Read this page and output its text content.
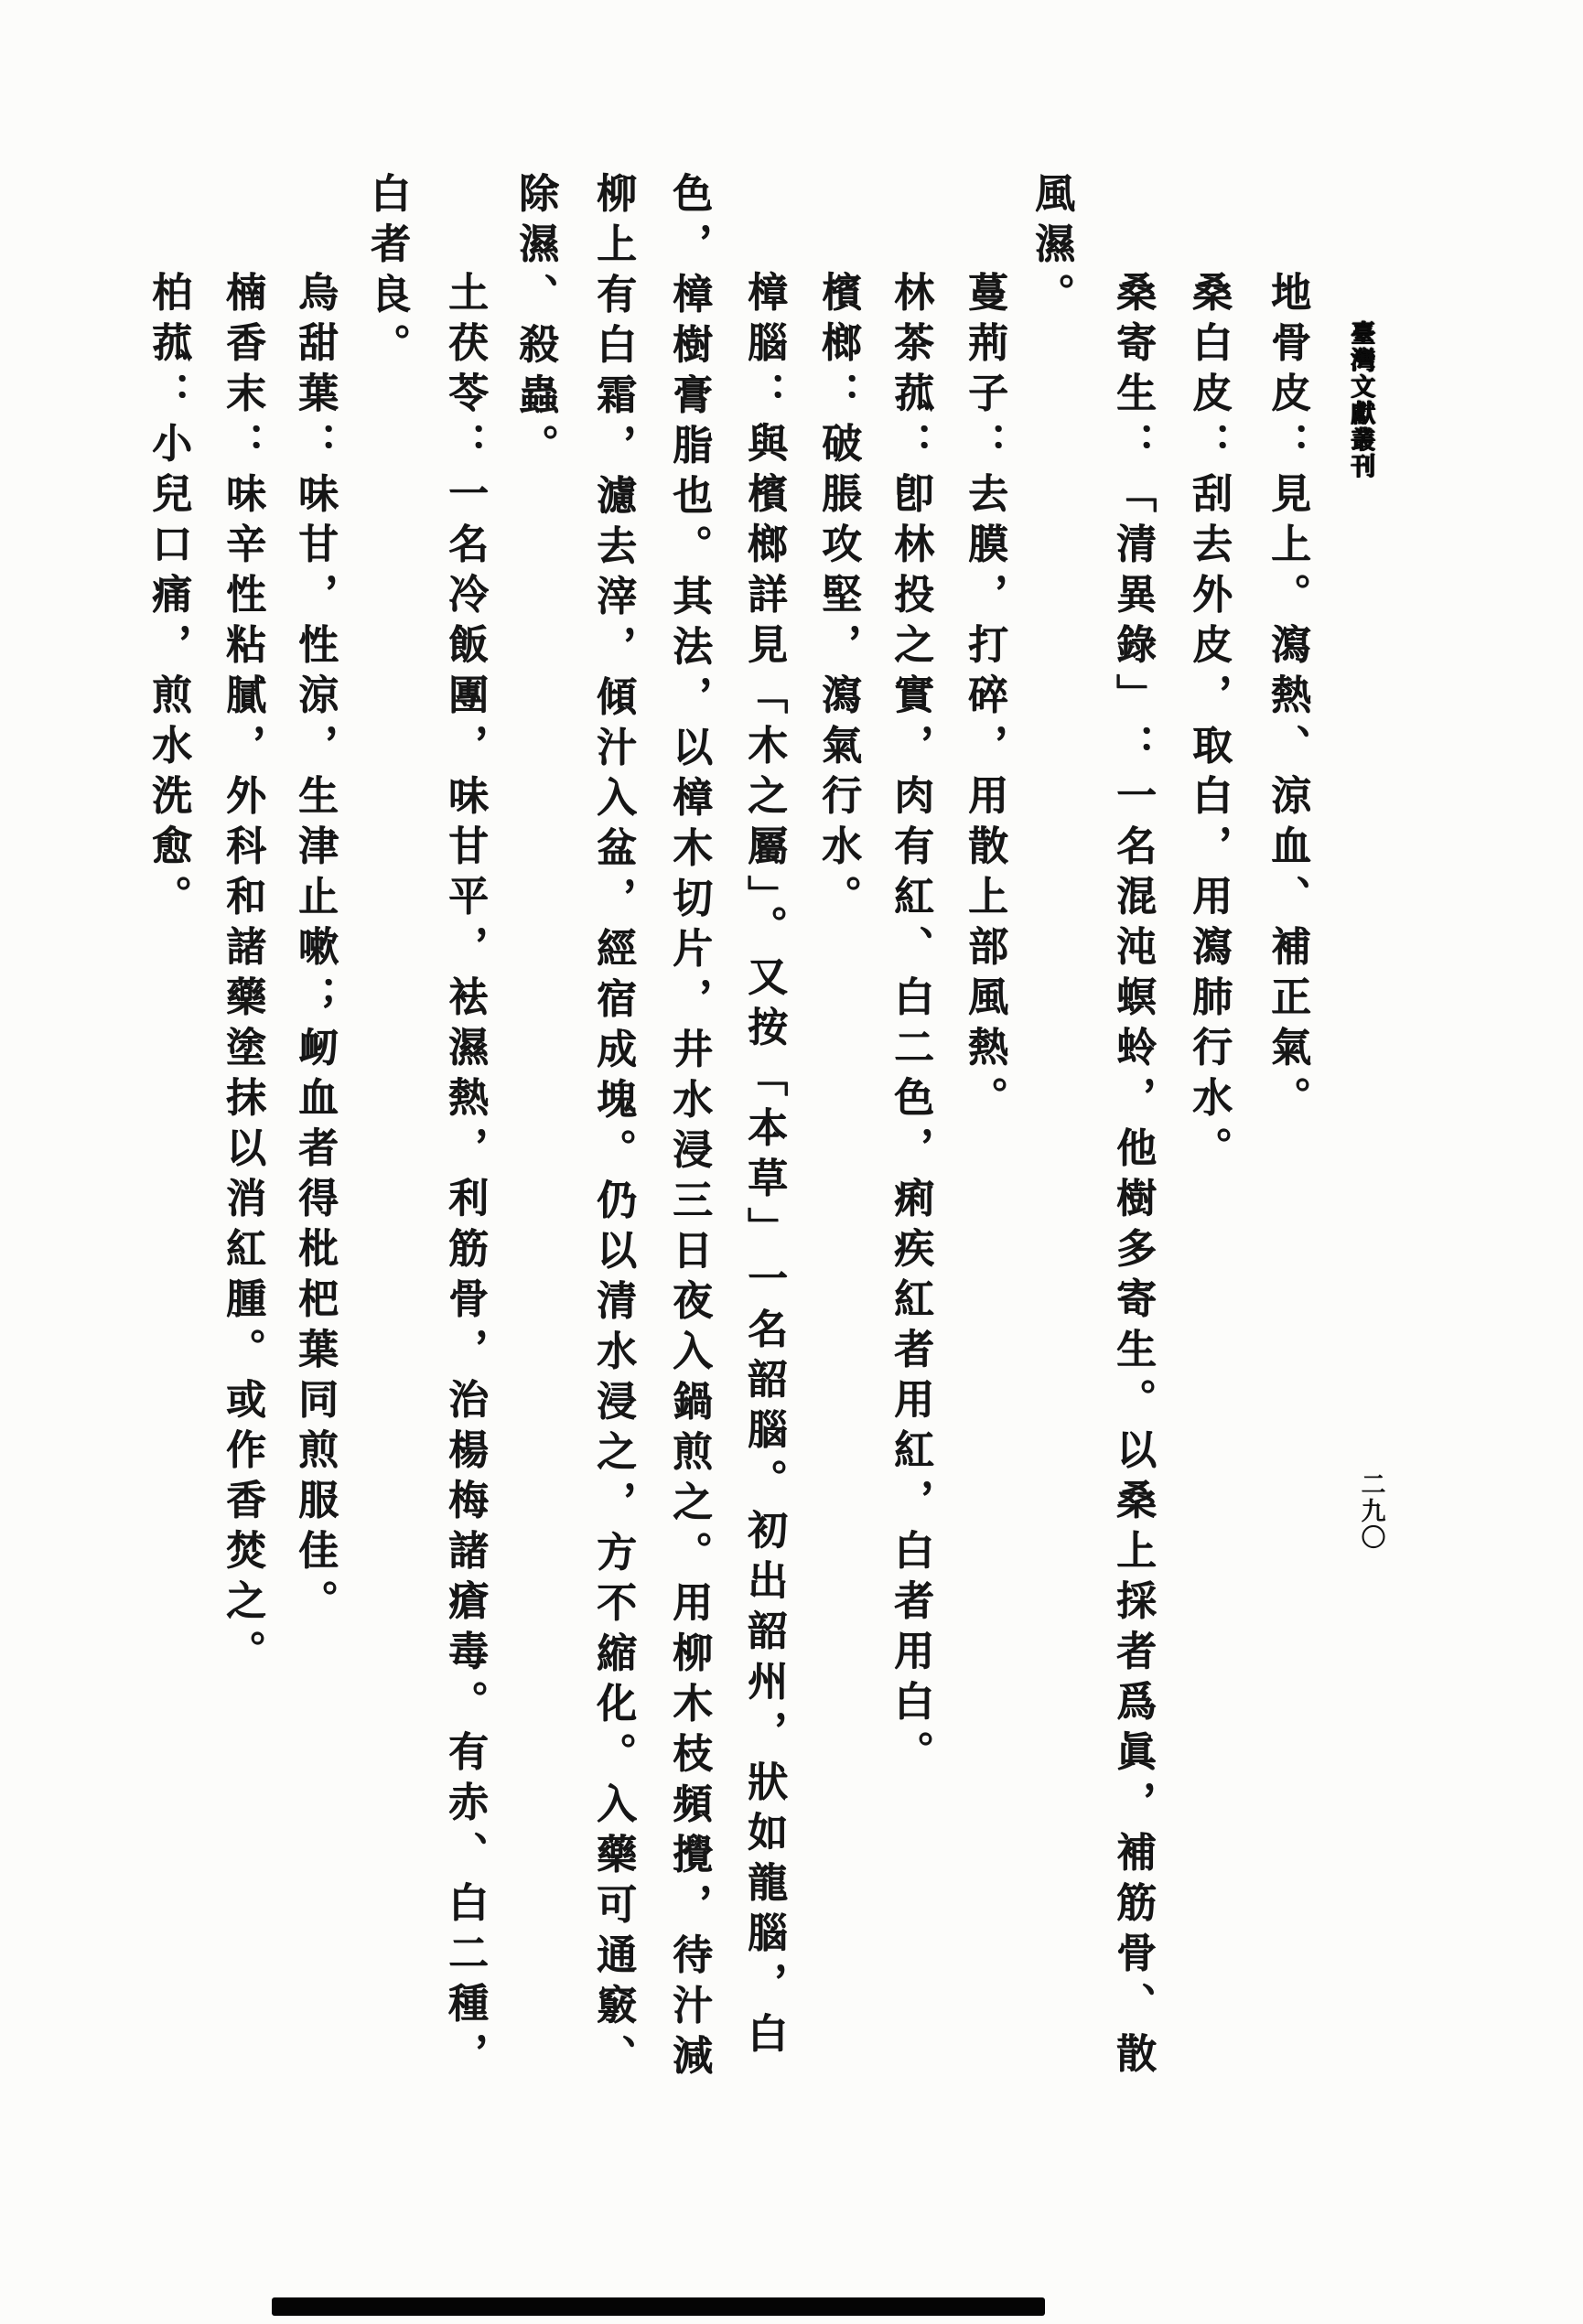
臺灣文獻叢刊
二九〇
地骨皮：見上。瀉熱、涼血、補正氣。
桑白皮：刮去外皮，取白，用瀉肺行水。
桑寄生：「清異錄」：一名混沌螟蛉，他樹多寄生。以桑上採者爲眞，補筋骨、散
風濕。
蔓荊子：去膜，打碎，用散上部風熱。
林茶菰：卽林投之實，肉有紅、白二色，痢疾紅者用紅，白者用白。
檳榔：破脹攻堅，瀉氣行水。
樟腦：與檳榔詳見「木之屬」。又按「本草」一名韶腦。初出韶州，狀如龍腦，白
色，樟樹膏脂也。其法，以樟木切片，井水浸三日夜入鍋煎之。用柳木枝頻攪，待汁減
柳上有白霜，濾去滓，傾汁入盆，經宿成塊。仍以清水浸之，方不縮化。入藥可通竅、
除濕、殺蟲。
土茯苓：一名冷飯團，味甘平，袪濕熱，利筋骨，治楊梅諸瘡毒。有赤、白二種，
白者良。
烏甜葉：味甘，性涼，生津止嗽；衂血者得枇杷葉同煎服佳。
楠香末：味辛性粘膩，外科和諸藥塗抹以消紅腫。或作香焚之。
柏菰：小兒口痛，煎水洗愈。
